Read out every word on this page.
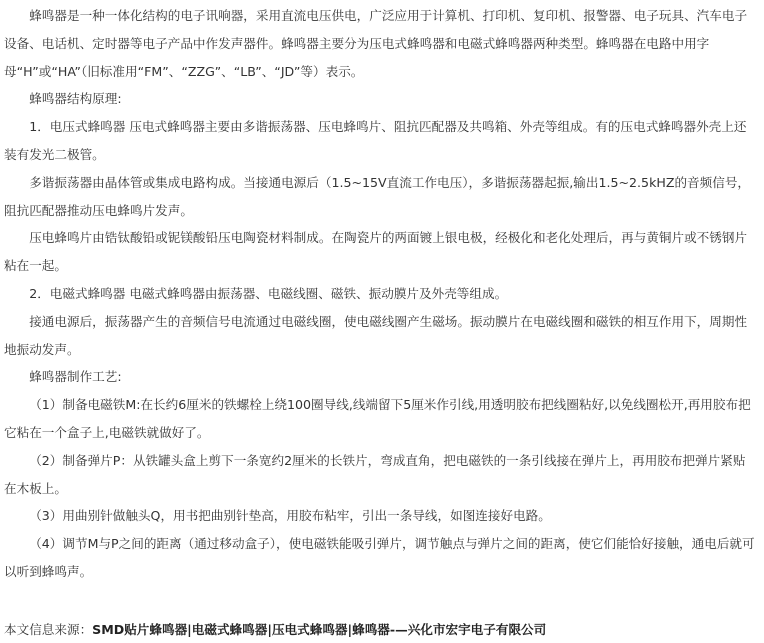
蜂鸣器是一种一体化结构的电子讯响器，采用直流电压供电，广泛应用于计算机、打印机、复印机、报警器、电子玩具、汽车电子设备、电话机、定时器等电子产品中作发声器件。蜂鸣器主要分为压电式蜂鸣器和电磁式蜂鸣器两种类型。蜂鸣器在电路中用字母“H”或“HA”（旧标准用“FM”、“ZZG”、“LB”、“JD”等）表示。

蜂鸣器结构原理:

1．电压式蜂鸣器 压电式蜂鸣器主要由多谐振荡器、压电蜂鸣片、阻抗匹配器及共鸣箱、外壳等组成。有的压电式蜂鸣器外壳上还装有发光二极管。

多谐振荡器由晶体管或集成电路构成。当接通电源后（1.5~15V直流工作电压），多谐振荡器起振,输出1.5~2.5kHZ的音频信号，阻抗匹配器推动压电蜂鸣片发声。

压电蜂鸣片由锆钛酸铅或铌镁酸铅压电陶瓷材料制成。在陶瓷片的两面镀上银电极，经极化和老化处理后，再与黄铜片或不锈钢片粘在一起。

2．电磁式蜂鸣器 电磁式蜂鸣器由振荡器、电磁线圈、磁铁、振动膜片及外壳等组成。

接通电源后，振荡器产生的音频信号电流通过电磁线圈，使电磁线圈产生磁场。振动膜片在电磁线圈和磁铁的相互作用下，周期性地振动发声。

蜂鸣器制作工艺:

（1）制备电磁铁M:在长约6厘米的铁螺栓上绕100圈导线,线端留下5厘米作引线,用透明胶布把线圈粘好,以免线圈松开,再用胶布把它粘在一个盒子上,电磁铁就做好了。

（2）制备弹片P：从铁罐头盒上剪下一条宽约2厘米的长铁片，弯成直角，把电磁铁的一条引线接在弹片上，再用胶布把弹片紧贴在木板上。

（3）用曲别针做触头Q，用书把曲别针垫高，用胶布粘牢，引出一条导线，如图连接好电路。

（4）调节M与P之间的距离（通过移动盒子），使电磁铁能吸引弹片，调节触点与弹片之间的距离，使它们能恰好接触，通电后就可以听到蜂鸣声。

本文信息来源：SMD贴片蜂鸣器|电磁式蜂鸣器|压电式蜂鸣器|蜂鸣器-—兴化市宏宇电子有限公司
